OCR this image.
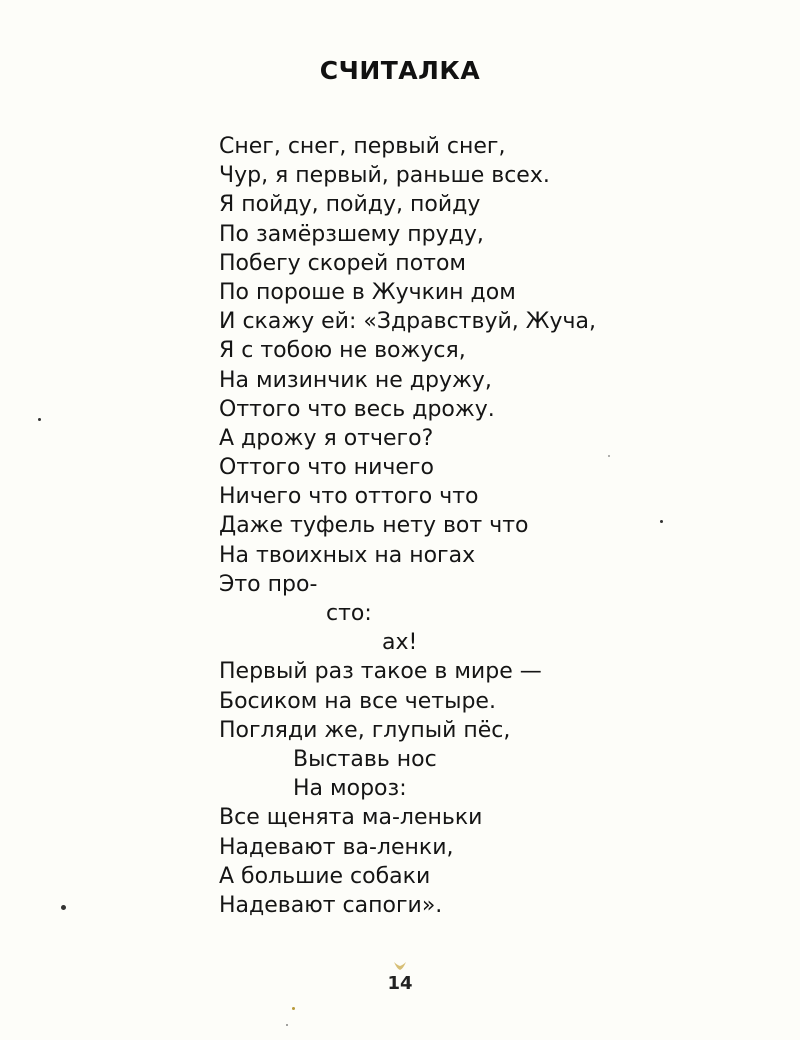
СЧИТАЛКА
Снег, снег, первый снег,
Чур, я первый, раньше всех.
Я пойду, пойду, пойду
По замёрзшему пруду,
Побегу скорей потом
По пороше в Жучкин дом
И скажу ей: «Здравствуй, Жуча,
Я с тобою не вожуся,
На мизинчик не дружу,
Оттого что весь дрожу.
А дрожу я отчего?
Оттого что ничего
Ничего что оттого что
Даже туфель нету вот что
На твоихных на ногах
Это про-
сто:
ах!
Первый раз такое в мире —
Босиком на все четыре.
Погляди же, глупый пёс,
Выставь нос
На мороз:
Все щенята ма-леньки
Надевают ва-ленки,
А большие собаки
Надевают сапоги».
14
